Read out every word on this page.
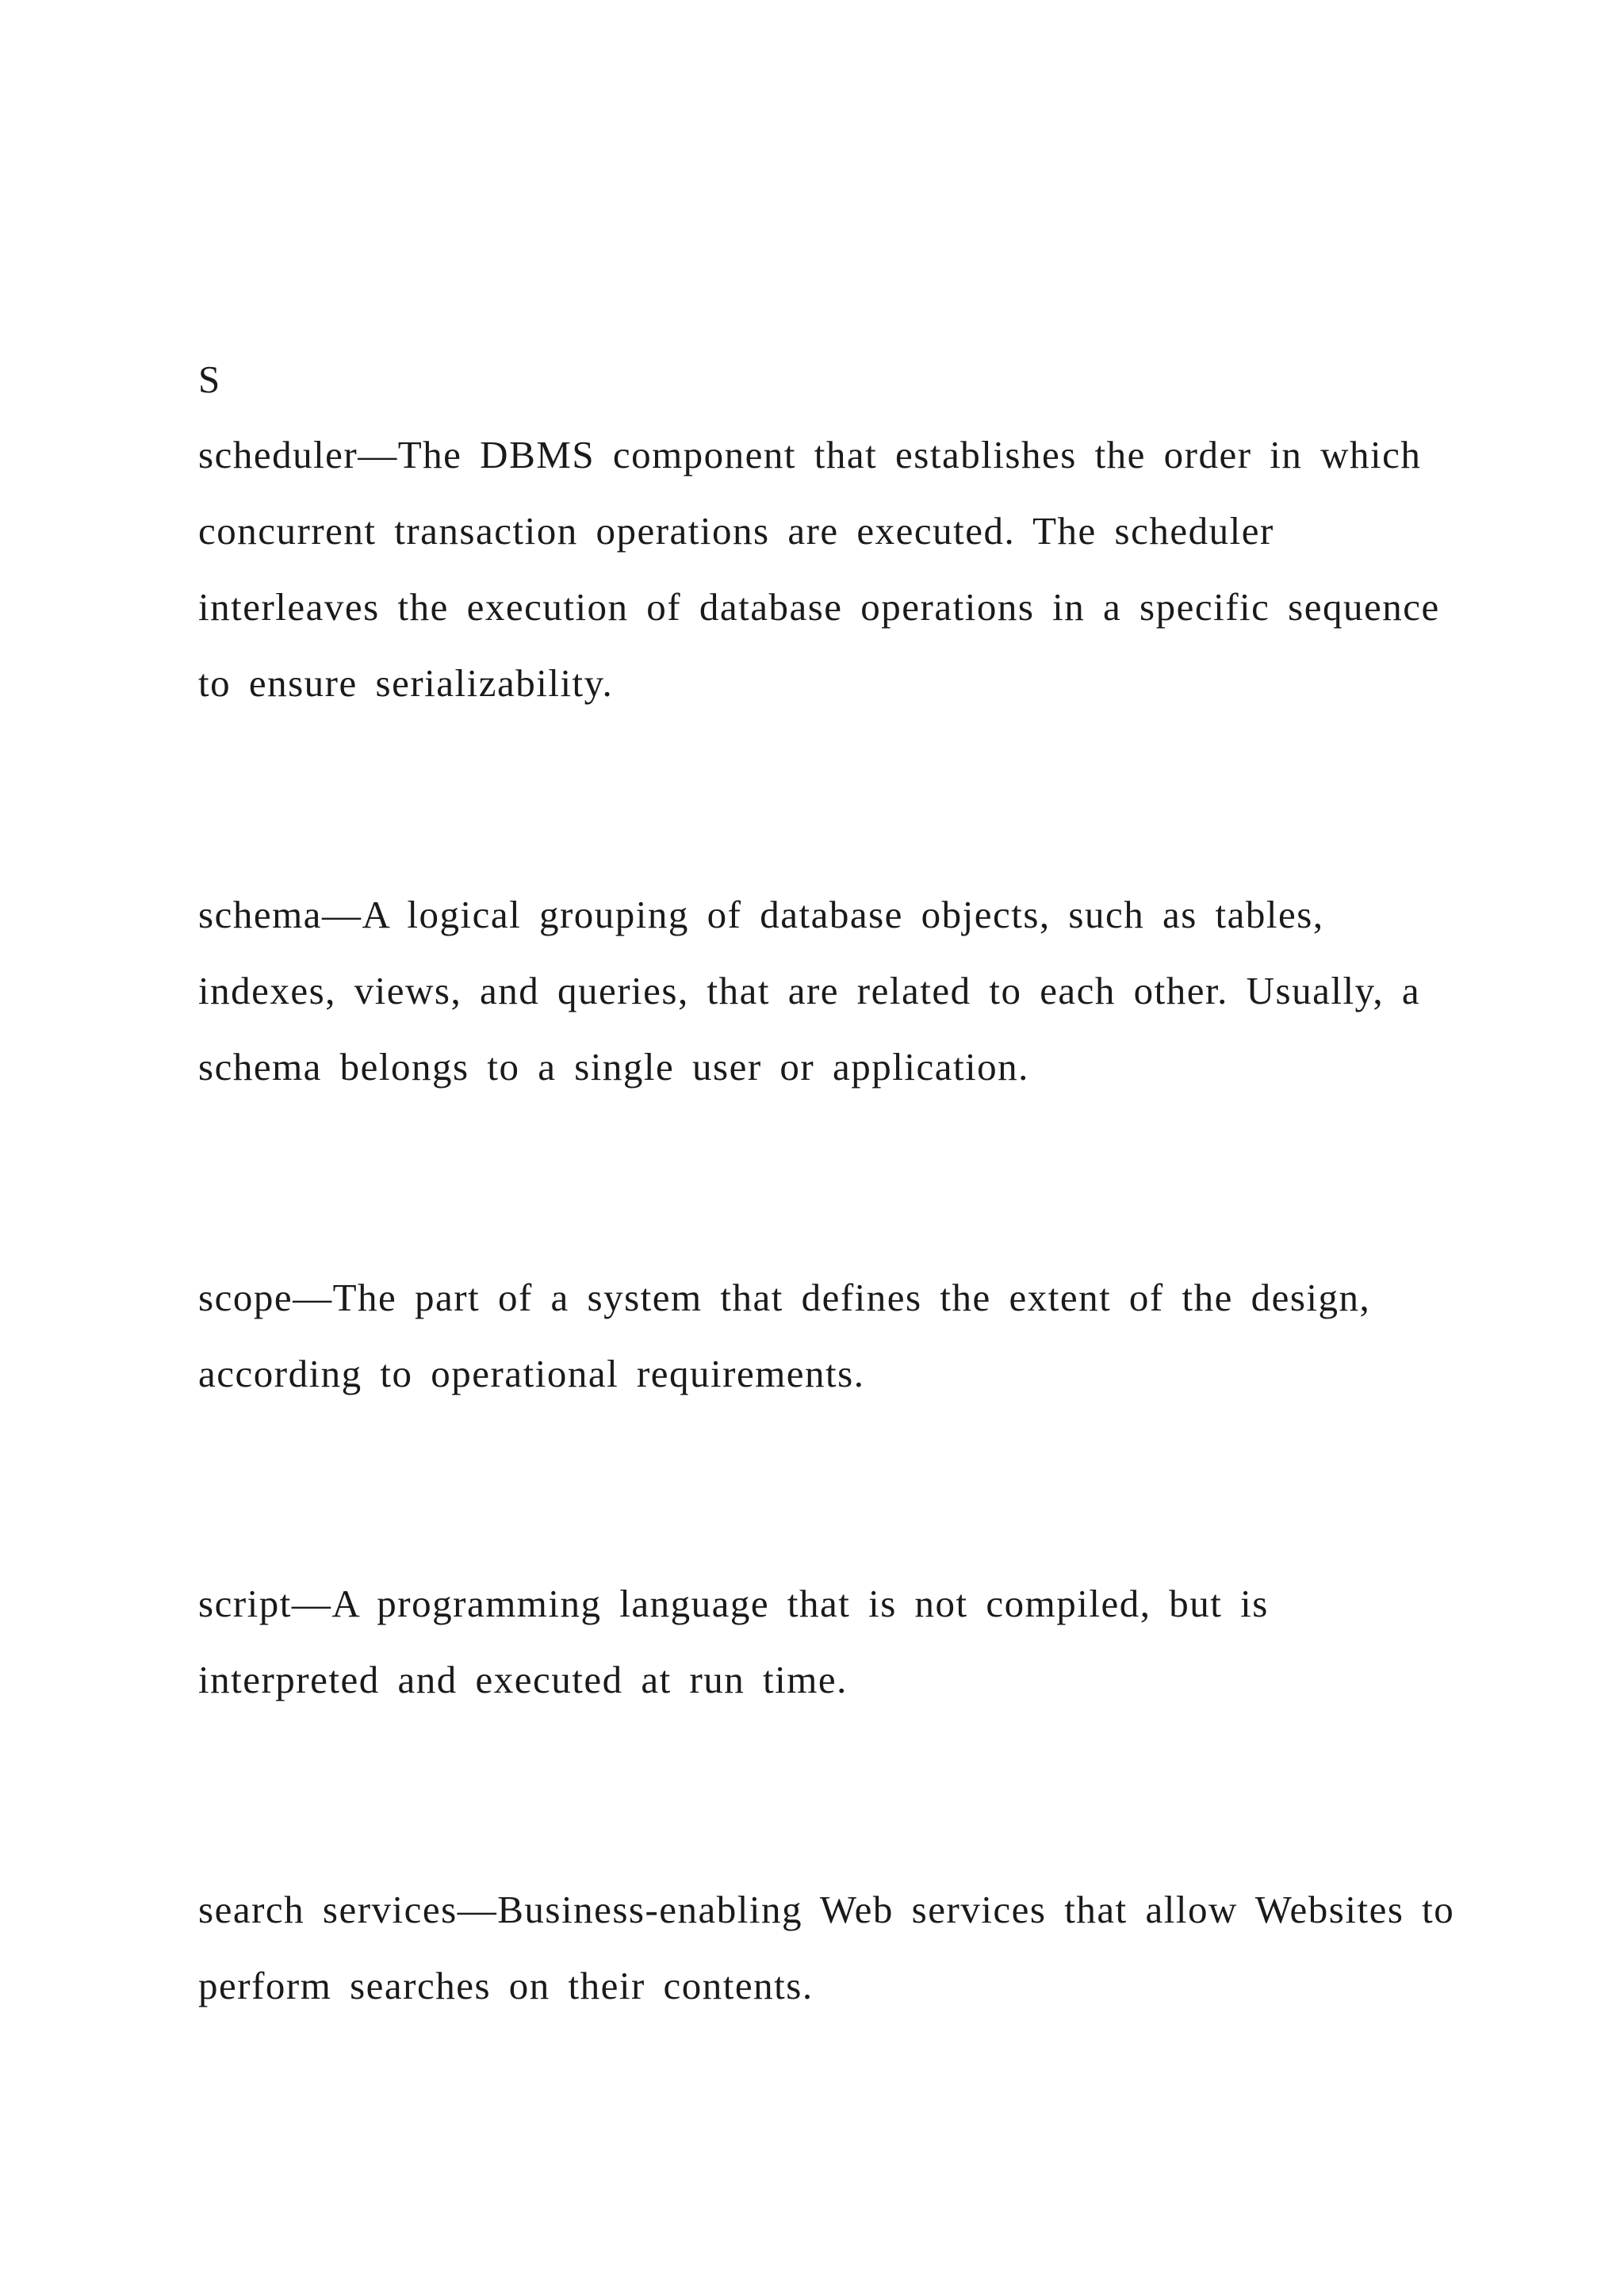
S

scheduler—The DBMS component that establishes the order in which concurrent transaction operations are executed. The scheduler interleaves the execution of database operations in a specific sequence to ensure serializability.

schema—A logical grouping of database objects, such as tables, indexes, views, and queries, that are related to each other. Usually, a schema belongs to a single user or application.

scope—The part of a system that defines the extent of the design, according to operational requirements.

script—A programming language that is not compiled, but is interpreted and executed at run time.

search services—Business-enabling Web services that allow Websites to perform searches on their contents.
